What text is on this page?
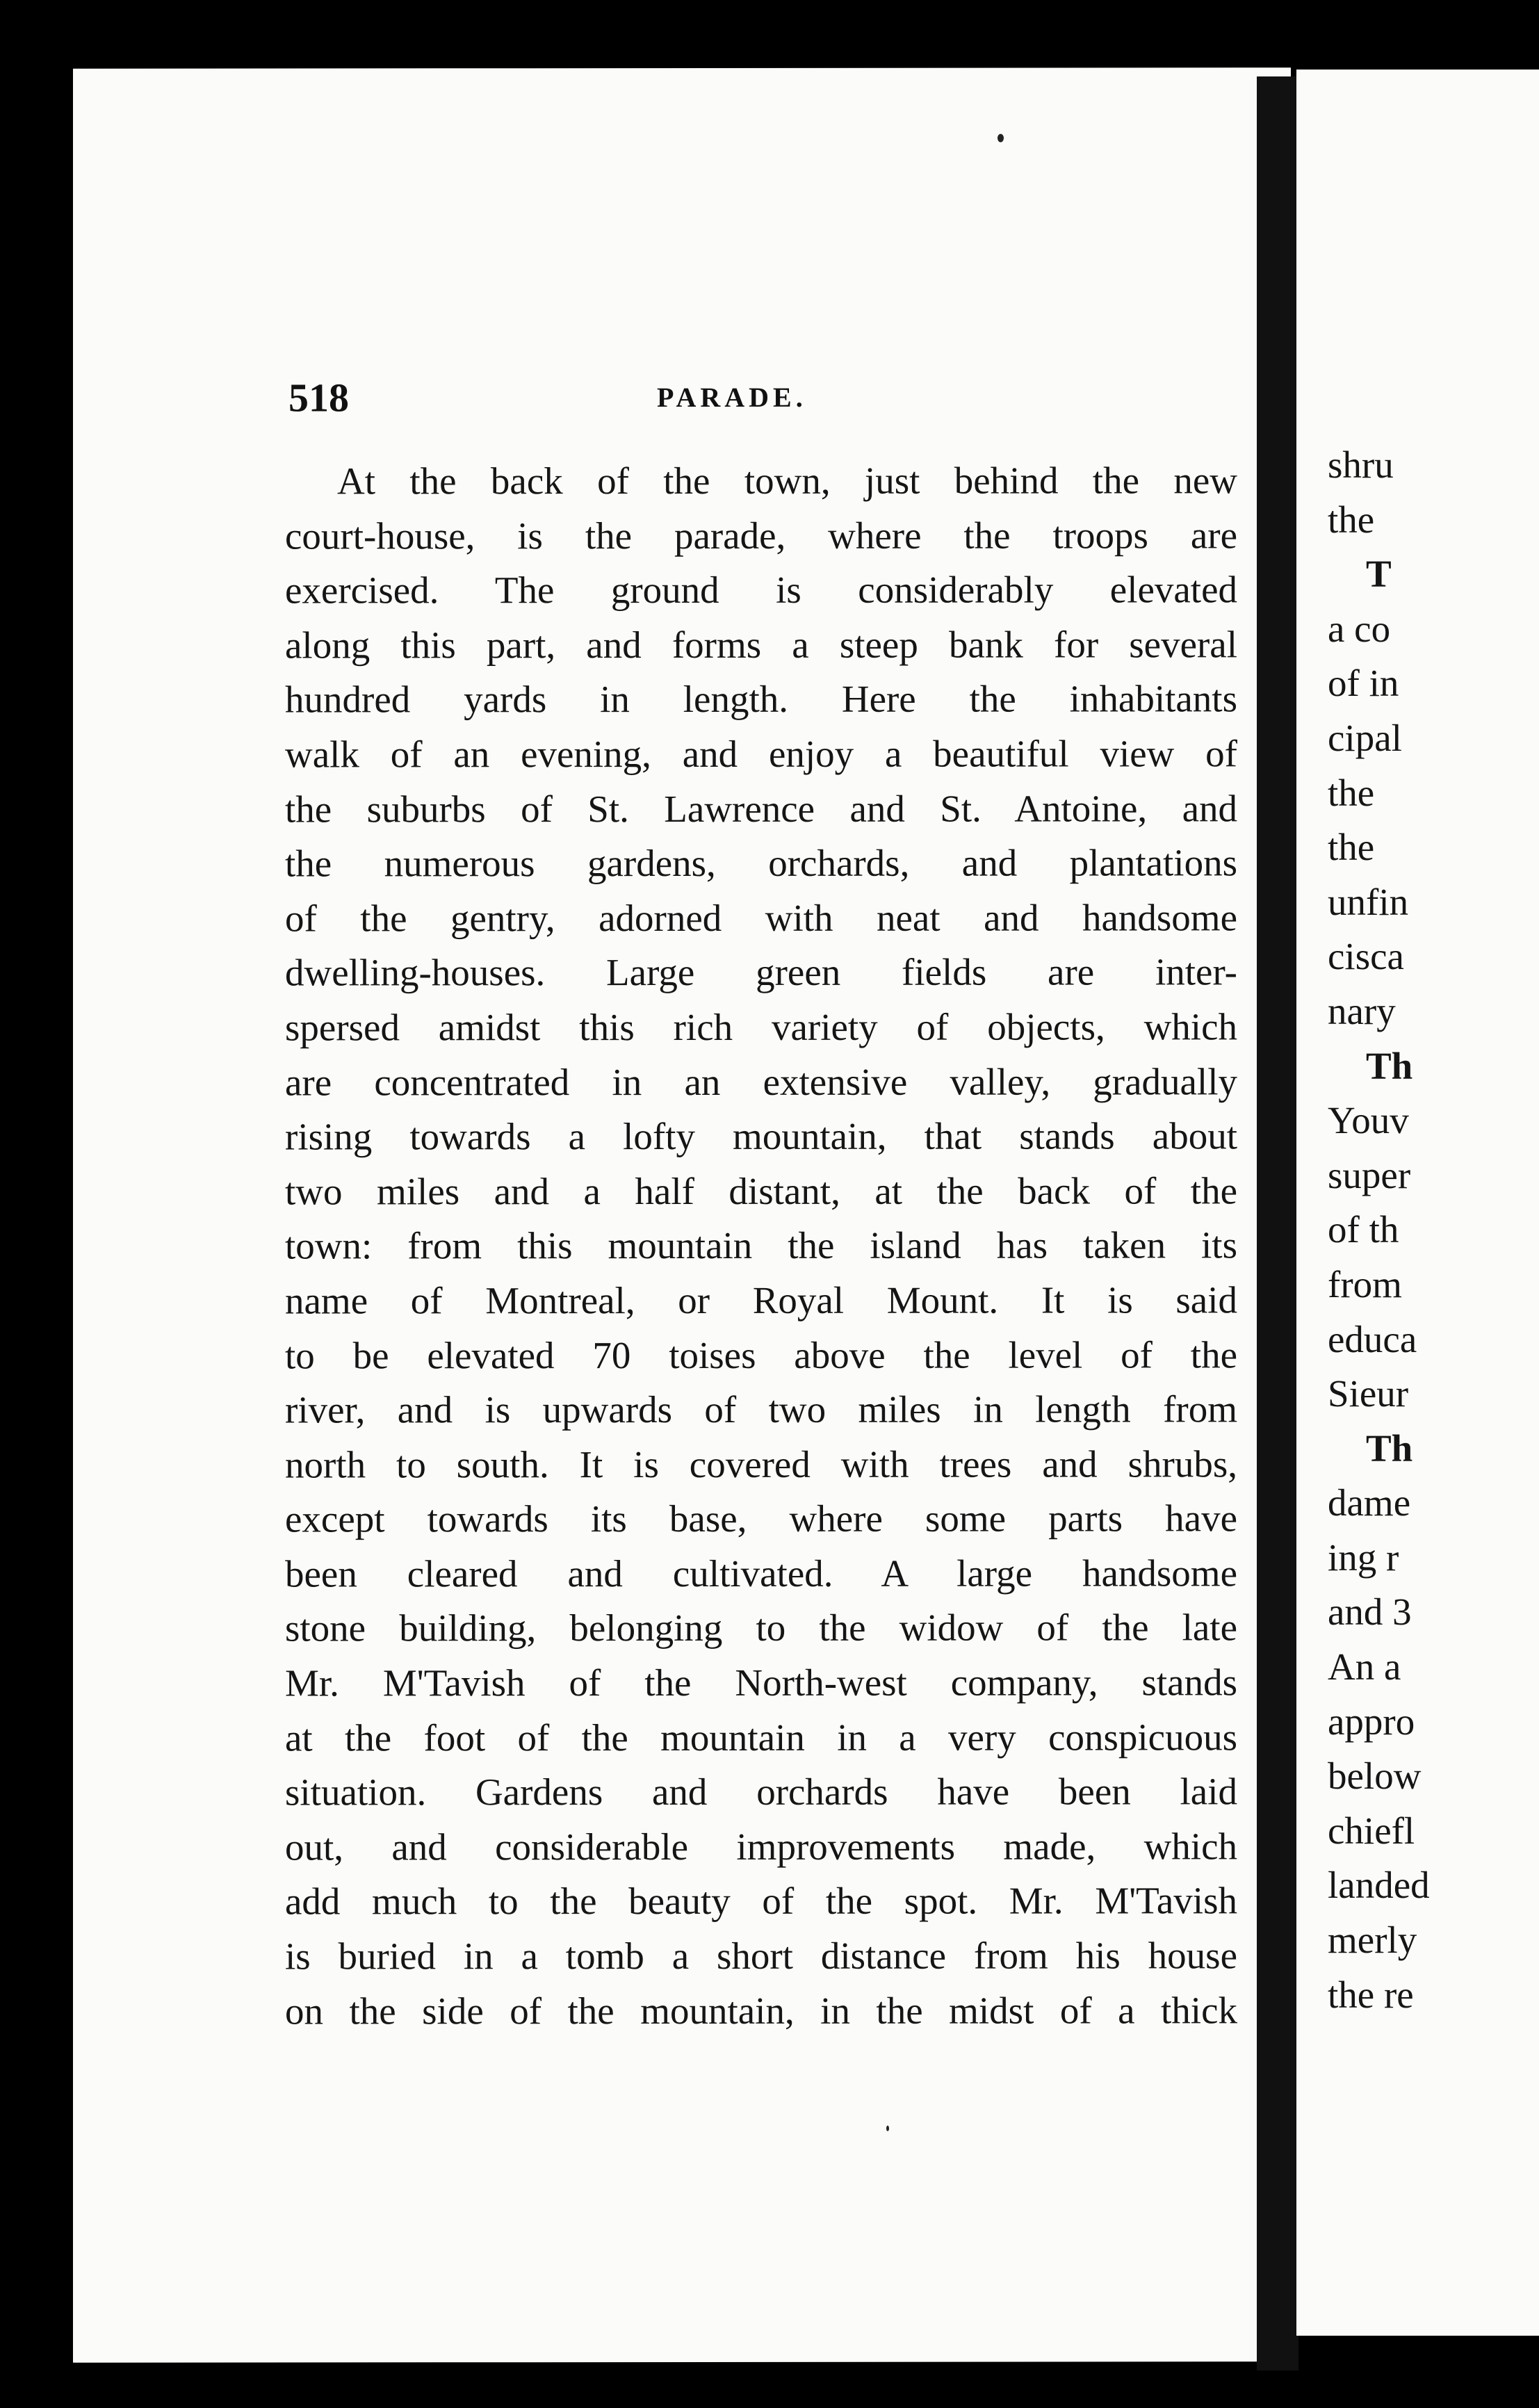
518	PARADE.
At the back of the town, just behind the new
court-house, is the parade, where the troops are
exercised. The ground is considerably elevated
along this part, and forms a steep bank for several
hundred yards in length. Here the inhabitants
walk of an evening, and enjoy a beautiful view of
the suburbs of St. Lawrence and St. Antoine, and
the numerous gardens, orchards, and plantations
of the gentry, adorned with neat and handsome
dwelling-houses. Large green fields are inter-
spersed amidst this rich variety of objects, which
are concentrated in an extensive valley, gradually
rising towards a lofty mountain, that stands about
two miles and a half distant, at the back of the
town: from this mountain the island has taken its
name of Montreal, or Royal Mount. It is said
to be elevated 70 toises above the level of the
river, and is upwards of two miles in length from
north to south. It is covered with trees and shrubs,
except towards its base, where some parts have
been cleared and cultivated. A large handsome
stone building, belonging to the widow of the late
Mr. M'Tavish of the North-west company, stands
at the foot of the mountain in a very conspicuous
situation. Gardens and orchards have been laid
out, and considerable improvements made, which
add much to the beauty of the spot. Mr. M'Tavish
is buried in a tomb a short distance from his house
on the side of the mountain, in the midst of a thick
shru
the
T
a co
of in
cipal
the
the
unfin
cisca
nary
Th
Youv
super
of th
from
educa
Sieur
Th
dame
ing r
and 3
An a
appro
below
chiefl
landed
merly
the re
